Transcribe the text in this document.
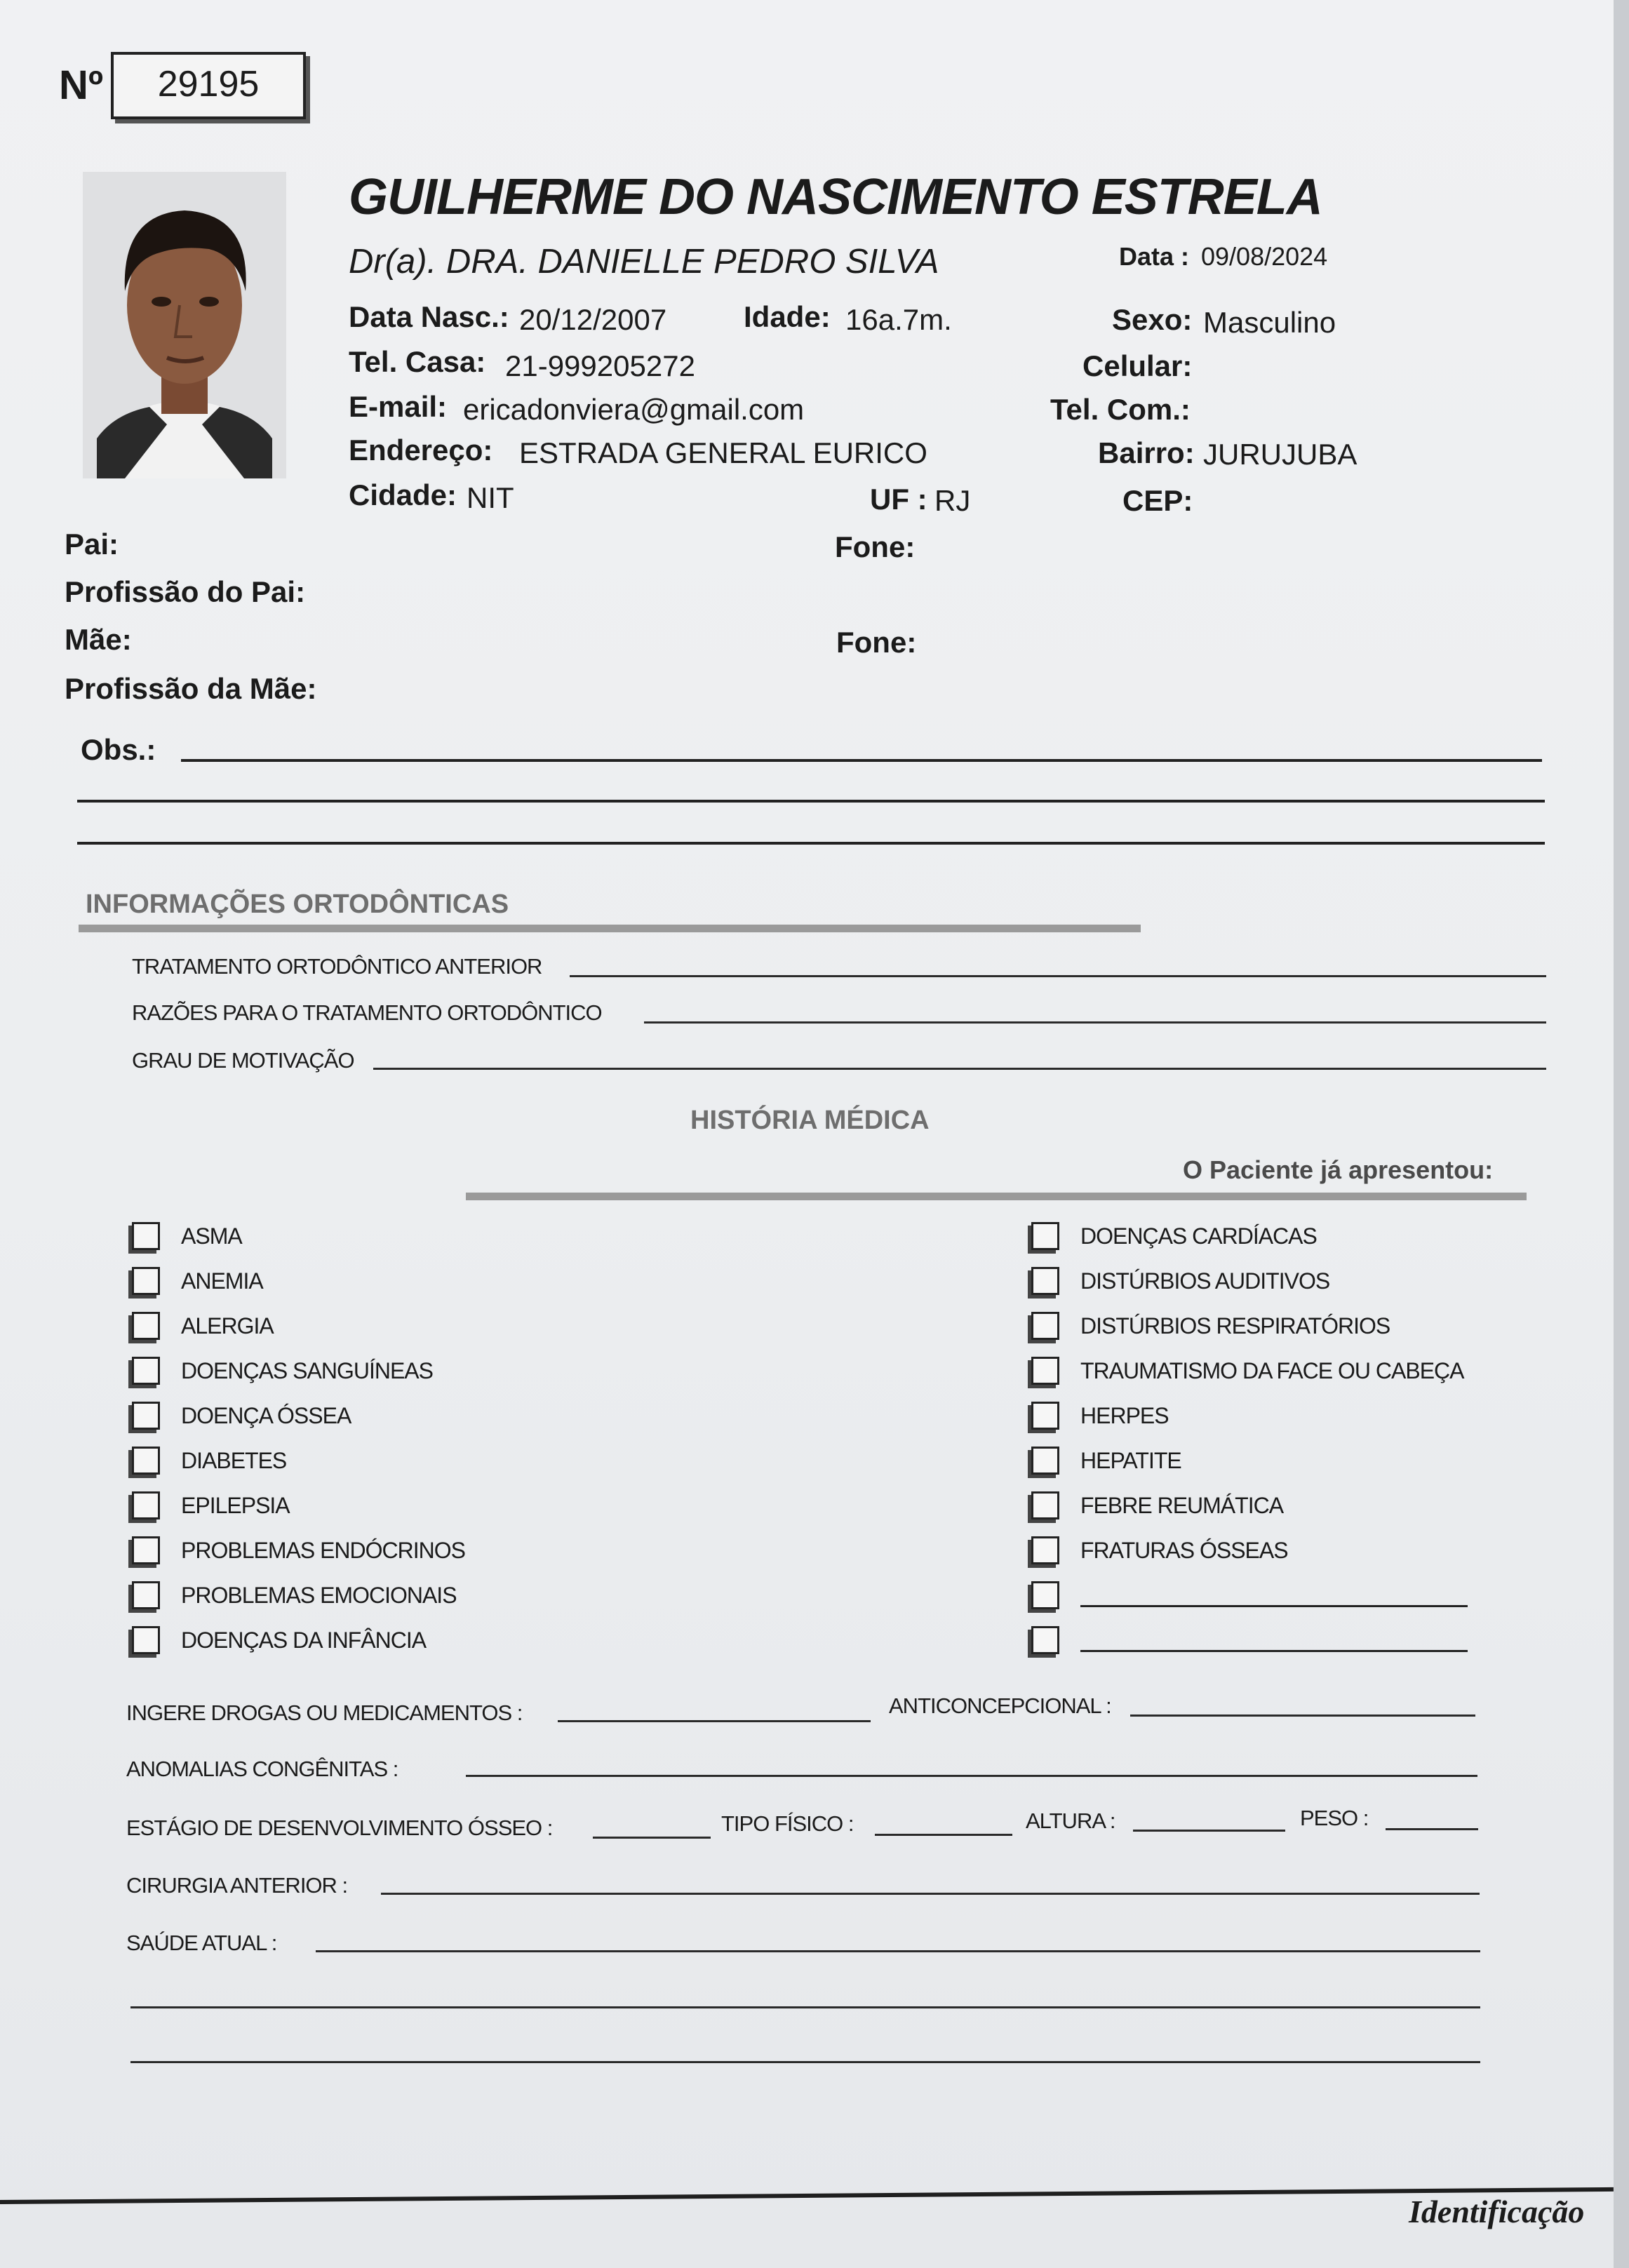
Nº	29195
GUILHERME DO NASCIMENTO ESTRELA
Dr(a). DRA. DANIELLE PEDRO SILVA	Data : 09/08/2024
Data Nasc.: 20/12/2007	Idade: 16a.7m.	Sexo: Masculino
Tel. Casa: 21-999205272	Celular:
E-mail: ericadonviera@gmail.com	Tel. Com.:
Endereço: ESTRADA GENERAL EURICO	Bairro: JURUJUBA
Cidade: NIT	UF : RJ	CEP:
Pai:	Fone:
Profissão do Pai:
Mãe:	Fone:
Profissão da Mãe:
Obs.:
INFORMAÇÕES ORTODÔNTICAS
TRATAMENTO ORTODÔNTICO ANTERIOR
RAZÕES PARA O TRATAMENTO ORTODÔNTICO
GRAU DE MOTIVAÇÃO
HISTÓRIA MÉDICA
O Paciente já apresentou:
ASMA
ANEMIA
ALERGIA
DOENÇAS SANGUÍNEAS
DOENÇA ÓSSEA
DIABETES
EPILEPSIA
PROBLEMAS ENDÓCRINOS
PROBLEMAS EMOCIONAIS
DOENÇAS DA INFÂNCIA
DOENÇAS CARDÍACAS
DISTÚRBIOS AUDITIVOS
DISTÚRBIOS RESPIRATÓRIOS
TRAUMATISMO DA FACE OU CABEÇA
HERPES
HEPATITE
FEBRE REUMÁTICA
FRATURAS ÓSSEAS
INGERE DROGAS OU MEDICAMENTOS :	ANTICONCEPCIONAL :
ANOMALIAS CONGÊNITAS :
ESTÁGIO DE DESENVOLVIMENTO ÓSSEO :	TIPO FÍSICO :	ALTURA :	PESO :
CIRURGIA ANTERIOR :
SAÚDE ATUAL :
Identificação
